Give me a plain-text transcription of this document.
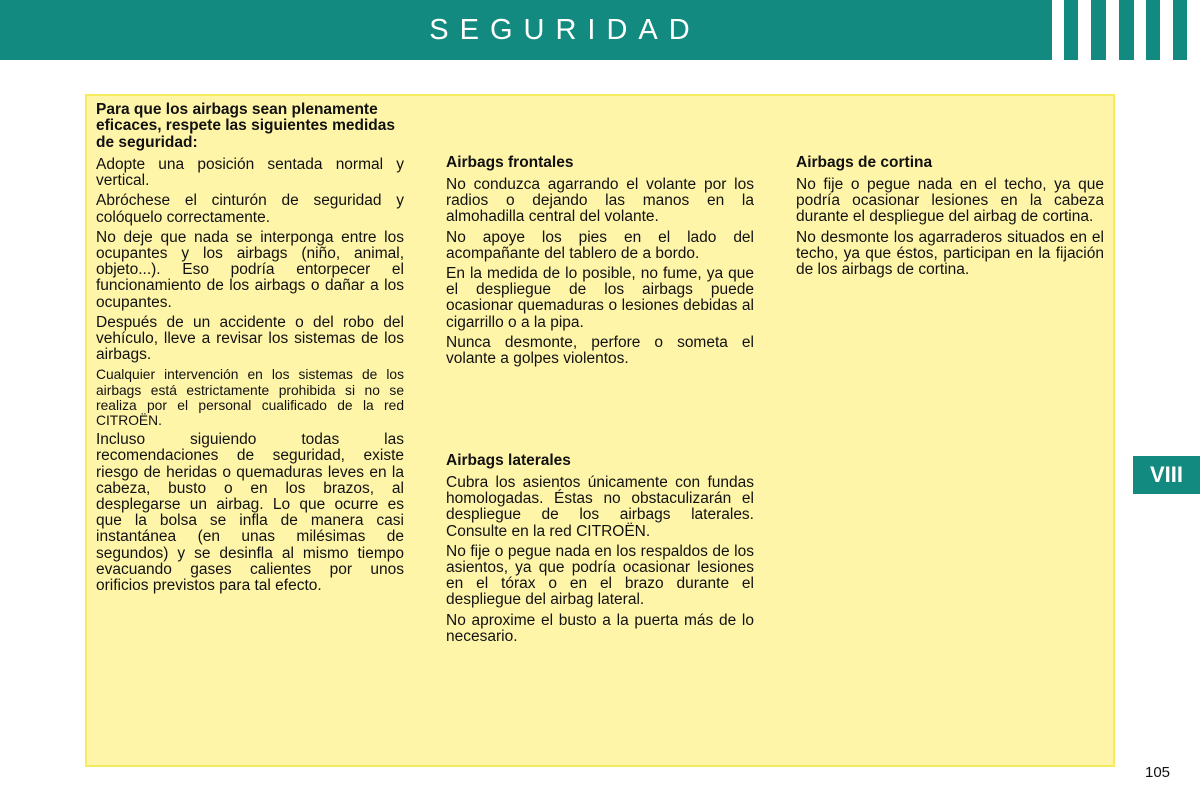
SEGURIDAD

Para que los airbags sean plenamente eficaces, respete las siguientes medidas de seguridad:

Adopte una posición sentada normal y vertical.

Abróchese el cinturón de seguridad y colóquelo correctamente.

No deje que nada se interponga entre los ocupantes y los airbags (niño, animal, objeto...). Eso podría entorpecer el funcionamiento de los airbags o dañar a los ocupantes.

Después de un accidente o del robo del vehículo, lleve a revisar los sistemas de los airbags.

Cualquier intervención en los sistemas de los airbags está estrictamente prohibida si no se realiza por el personal cualificado de la red CITROËN.

Incluso siguiendo todas las recomendaciones de seguridad, existe riesgo de heridas o quemaduras leves en la cabeza, busto o en los brazos, al desplegarse un airbag. Lo que ocurre es que la bolsa se infla de manera casi instantánea (en unas milésimas de segundos) y se desinfla al mismo tiempo evacuando gases calientes por unos orificios previstos para tal efecto.

Airbags frontales

No conduzca agarrando el volante por los radios o dejando las manos en la almohadilla central del volante.

No apoye los pies en el lado del acompañante del tablero de a bordo.

En la medida de lo posible, no fume, ya que el despliegue de los airbags puede ocasionar quemaduras o lesiones debidas al cigarrillo o a la pipa.

Nunca desmonte, perfore o someta el volante a golpes violentos.

Airbags laterales

Cubra los asientos únicamente con fundas homologadas. Éstas no obstaculizarán el despliegue de los airbags laterales. Consulte en la red CITROËN.

No fije o pegue nada en los respaldos de los asientos, ya que podría ocasionar lesiones en el tórax o en el brazo durante el despliegue del airbag lateral.

No aproxime el busto a la puerta más de lo necesario.

Airbags de cortina

No fije o pegue nada en el techo, ya que podría ocasionar lesiones en la cabeza durante el despliegue del airbag de cortina.

No desmonte los agarraderos situados en el techo, ya que éstos, participan en la fijación de los airbags de cortina.

VIII
105
